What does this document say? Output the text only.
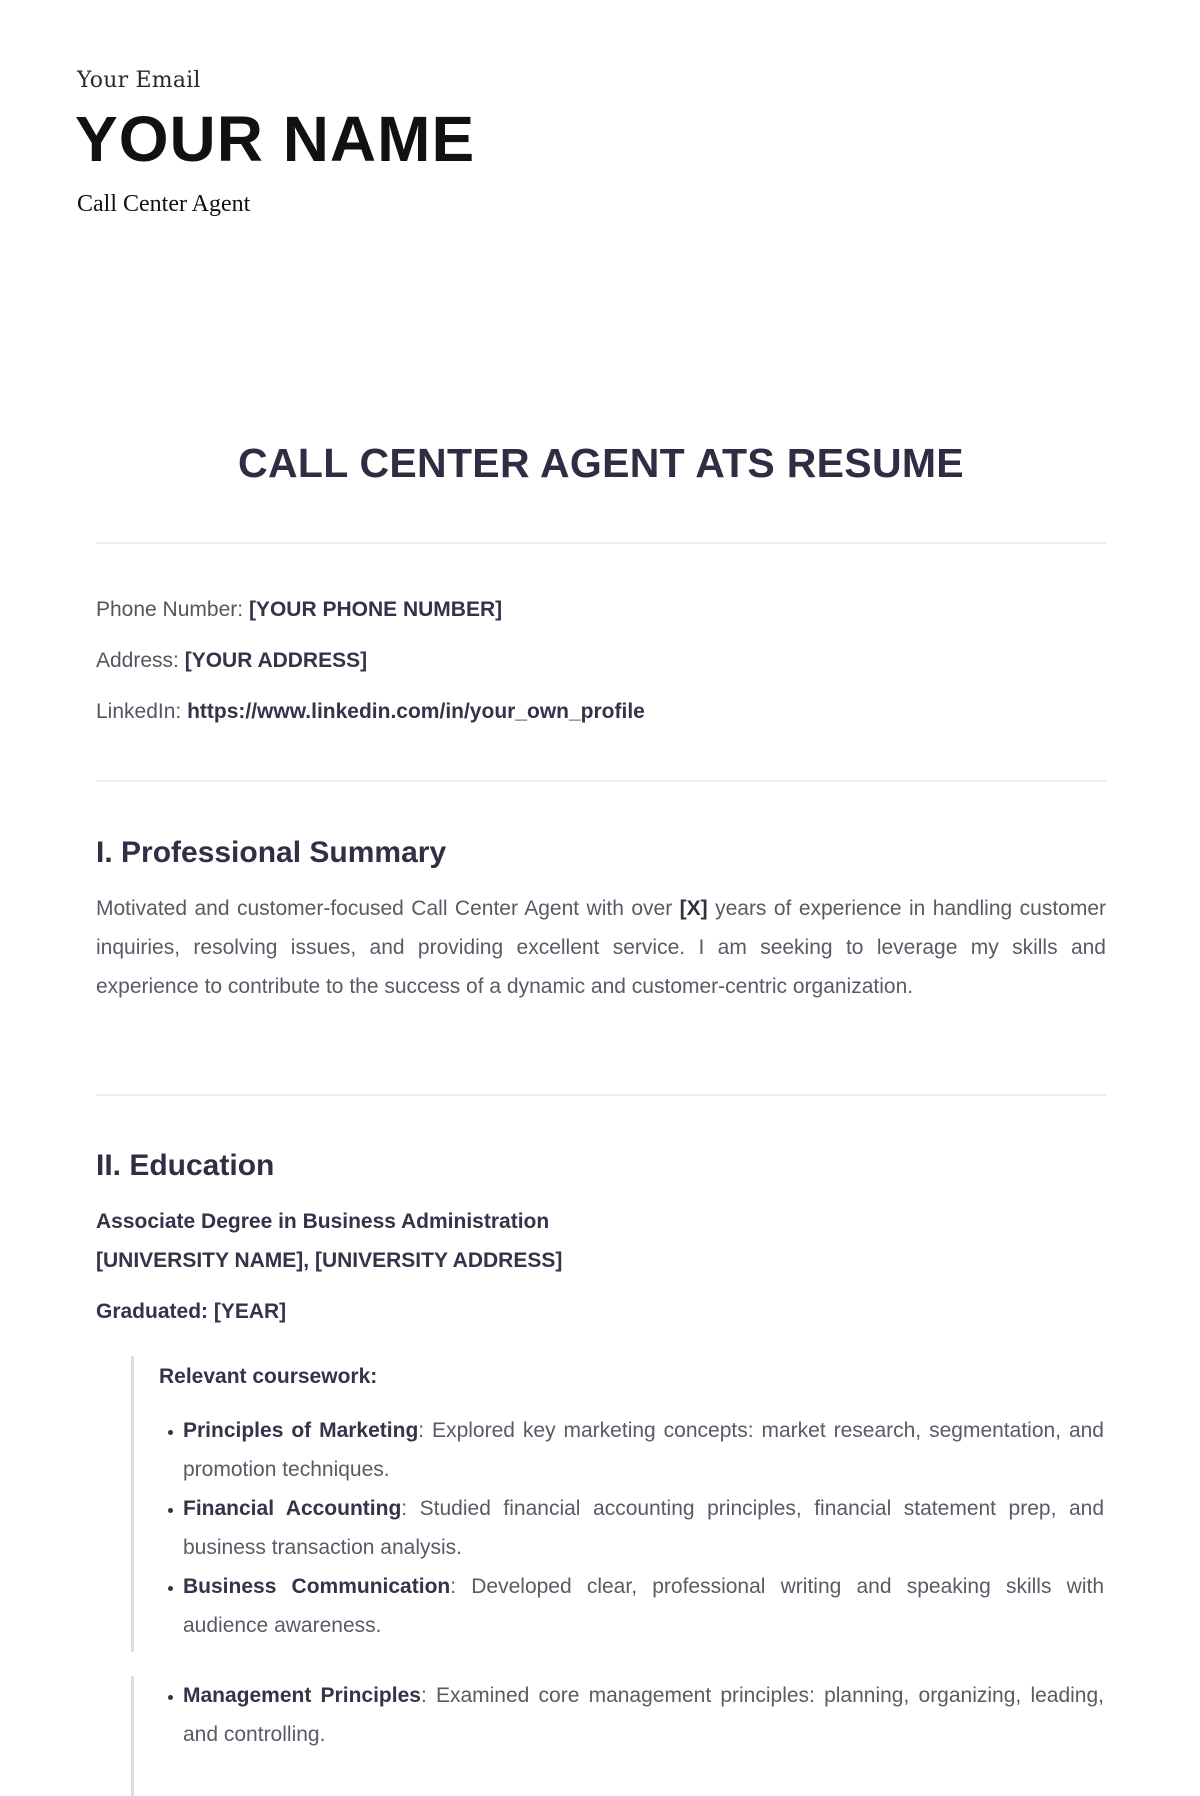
Your Email
YOUR NAME
Call Center Agent
CALL CENTER AGENT ATS RESUME
Phone Number: [YOUR PHONE NUMBER]
Address: [YOUR ADDRESS]
LinkedIn: https://www.linkedin.com/in/your_own_profile
I. Professional Summary
Motivated and customer-focused Call Center Agent with over [X] years of experience in handling customer inquiries, resolving issues, and providing excellent service. I am seeking to leverage my skills and experience to contribute to the success of a dynamic and customer-centric organization.
II. Education
Associate Degree in Business Administration
[UNIVERSITY NAME], [UNIVERSITY ADDRESS]
Graduated: [YEAR]
Relevant coursework:
Principles of Marketing: Explored key marketing concepts: market research, segmentation, and promotion techniques.
Financial Accounting: Studied financial accounting principles, financial statement prep, and business transaction analysis.
Business Communication: Developed clear, professional writing and speaking skills with audience awareness.
Management Principles: Examined core management principles: planning, organizing, leading, and controlling.
